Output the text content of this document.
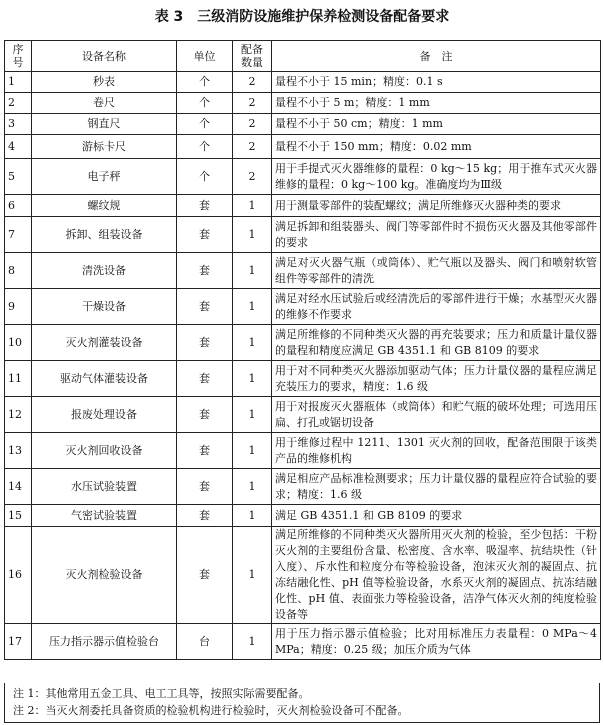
表 3　三级消防设施维护保养检测设备配备要求
序号	设备名称	单位	配备数量	备　注
1	秒表	个	2	量程不小于 15 min；精度：0.1 s
2	卷尺	个	2	量程不小于 5 m；精度：1 mm
3	钢直尺	个	2	量程不小于 50 cm；精度：1 mm
4	游标卡尺	个	2	量程不小于 150 mm；精度：0.02 mm
5	电子秤	个	2	用于手提式灭火器维修的量程：0 kg～15 kg；用于推车式灭火器维修的量程：0 kg～100 kg。准确度均为Ⅲ级
6	螺纹规	套	1	用于测量零部件的装配螺纹；满足所维修灭火器种类的要求
7	拆卸、组装设备	套	1	满足拆卸和组装器头、阀门等零部件时不损伤灭火器及其他零部件的要求
8	清洗设备	套	1	满足对灭火器气瓶（或筒体）、贮气瓶以及器头、阀门和喷射软管组件等零部件的清洗
9	干燥设备	套	1	满足对经水压试验后或经清洗后的零部件进行干燥；水基型灭火器的维修不作要求
10	灭火剂灌装设备	套	1	满足所维修的不同种类灭火器的再充装要求；压力和质量计量仪器的量程和精度应满足 GB 4351.1 和 GB 8109 的要求
11	驱动气体灌装设备	套	1	用于对不同种类灭火器添加驱动气体；压力计量仪器的量程应满足充装压力的要求，精度：1.6 级
12	报废处理设备	套	1	用于对报废灭火器瓶体（或筒体）和贮气瓶的破坏处理；可选用压扁、打孔或锯切设备
13	灭火剂回收设备	套	1	用于维修过程中 1211、1301 灭火剂的回收，配备范围限于该类产品的维修机构
14	水压试验装置	套	1	满足相应产品标准检测要求；压力计量仪器的量程应符合试验的要求；精度：1.6 级
15	气密试验装置	套	1	满足 GB 4351.1 和 GB 8109 的要求
16	灭火剂检验设备	套	1	满足所维修的不同种类灭火器所用灭火剂的检验，至少包括：干粉灭火剂的主要组份含量、松密度、含水率、吸湿率、抗结块性（针入度）、斥水性和粒度分布等检验设备，泡沫灭火剂的凝固点、抗冻结融化性、pH 值等检验设备，水系灭火剂的凝固点、抗冻结融化性、pH 值、表面张力等检验设备，洁净气体灭火剂的纯度检验设备等
17	压力指示器示值检验台	台	1	用于压力指示器示值检验；比对用标准压力表量程：0 MPa～4 MPa；精度：0.25 级；加压介质为气体
注 1：其他常用五金工具、电工工具等，按照实际需要配备。
注 2：当灭火剂委托具备资质的检验机构进行检验时，灭火剂检验设备可不配备。
